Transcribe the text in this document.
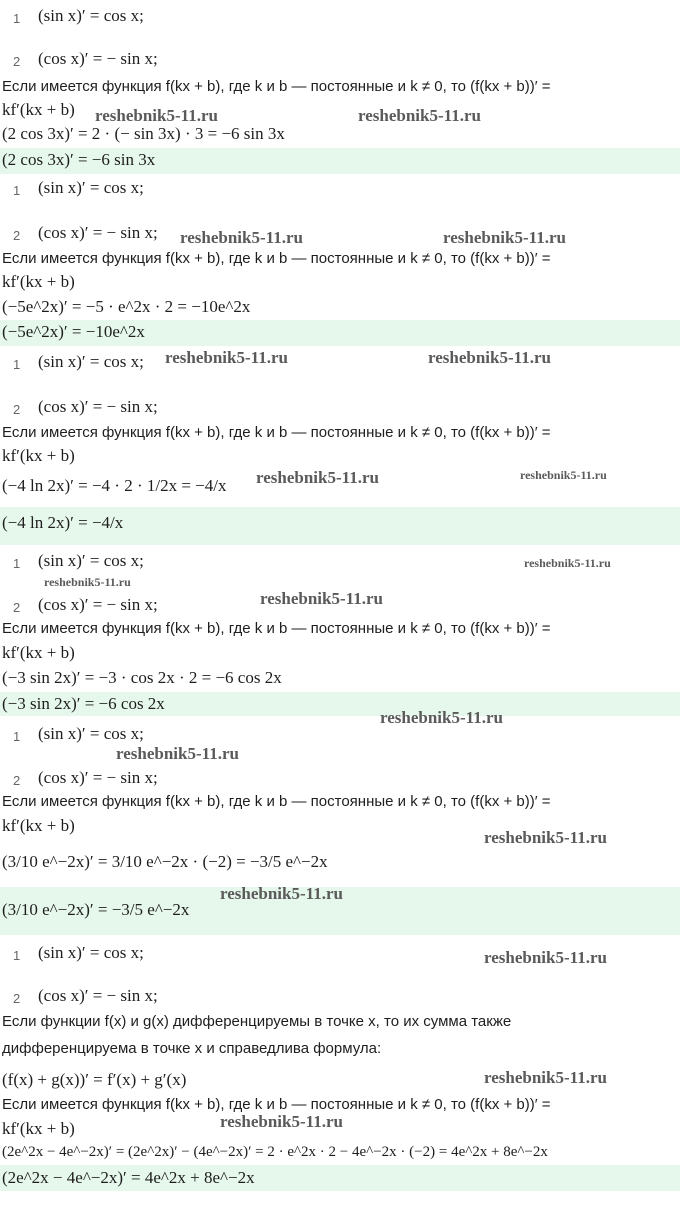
1 (sin x)′ = cos x;
2 (cos x)′ = − sin x;
Если имеется функция f(kx + b), где k и b — постоянные и k ≠ 0, то (f(kx + b))′ =
kf′(kx + b)
(2 cos 3x)′ = 2 · (− sin 3x) · 3 = −6 sin 3x
(2 cos 3x)′ = −6 sin 3x
1 (sin x)′ = cos x;
2 (cos x)′ = − sin x;
Если имеется функция f(kx + b), где k и b — постоянные и k ≠ 0, то (f(kx + b))′ =
kf′(kx + b)
(−5e^2x)′ = −5 · e^2x · 2 = −10e^2x
(−5e^2x)′ = −10e^2x
1 (sin x)′ = cos x;
2 (cos x)′ = − sin x;
Если имеется функция f(kx + b), где k и b — постоянные и k ≠ 0, то (f(kx + b))′ =
kf′(kx + b)
(−4 ln 2x)′ = −4 · 2 · 1/2x = −4/x
(−4 ln 2x)′ = −4/x
1 (sin x)′ = cos x;
2 (cos x)′ = − sin x;
Если имеется функция f(kx + b), где k и b — постоянные и k ≠ 0, то (f(kx + b))′ =
kf′(kx + b)
(−3 sin 2x)′ = −3 · cos 2x · 2 = −6 cos 2x
(−3 sin 2x)′ = −6 cos 2x
1 (sin x)′ = cos x;
2 (cos x)′ = − sin x;
Если имеется функция f(kx + b), где k и b — постоянные и k ≠ 0, то (f(kx + b))′ =
kf′(kx + b)
(3/10 e^−2x)′ = 3/10 e^−2x · (−2) = −3/5 e^−2x
(3/10 e^−2x)′ = −3/5 e^−2x
1 (sin x)′ = cos x;
2 (cos x)′ = − sin x;
Если функции f(x) и g(x) дифференцируемы в точке x, то их сумма также
дифференцируема в точке x и справедлива формула:
(f(x) + g(x))′ = f′(x) + g′(x)
Если имеется функция f(kx + b), где k и b — постоянные и k ≠ 0, то (f(kx + b))′ =
kf′(kx + b)
(2e^2x − 4e^−2x)′ = (2e^2x)′ − (4e^−2x)′ = 2 · e^2x · 2 − 4e^−2x · (−2) = 4e^2x + 8e^−2x
(2e^2x − 4e^−2x)′ = 4e^2x + 8e^−2x
reshebnik5-11.ru	reshebnik5-11.ru
reshebnik5-11.ru	reshebnik5-11.ru
reshebnik5-11.ru	reshebnik5-11.ru
reshebnik5-11.ru	reshebnik5-11.ru
reshebnik5-11.ru
reshebnik5-11.ru
reshebnik5-11.ru
reshebnik5-11.ru
reshebnik5-11.ru
reshebnik5-11.ru
reshebnik5-11.ru
reshebnik5-11.ru
reshebnik5-11.ru
reshebnik5-11.ru
